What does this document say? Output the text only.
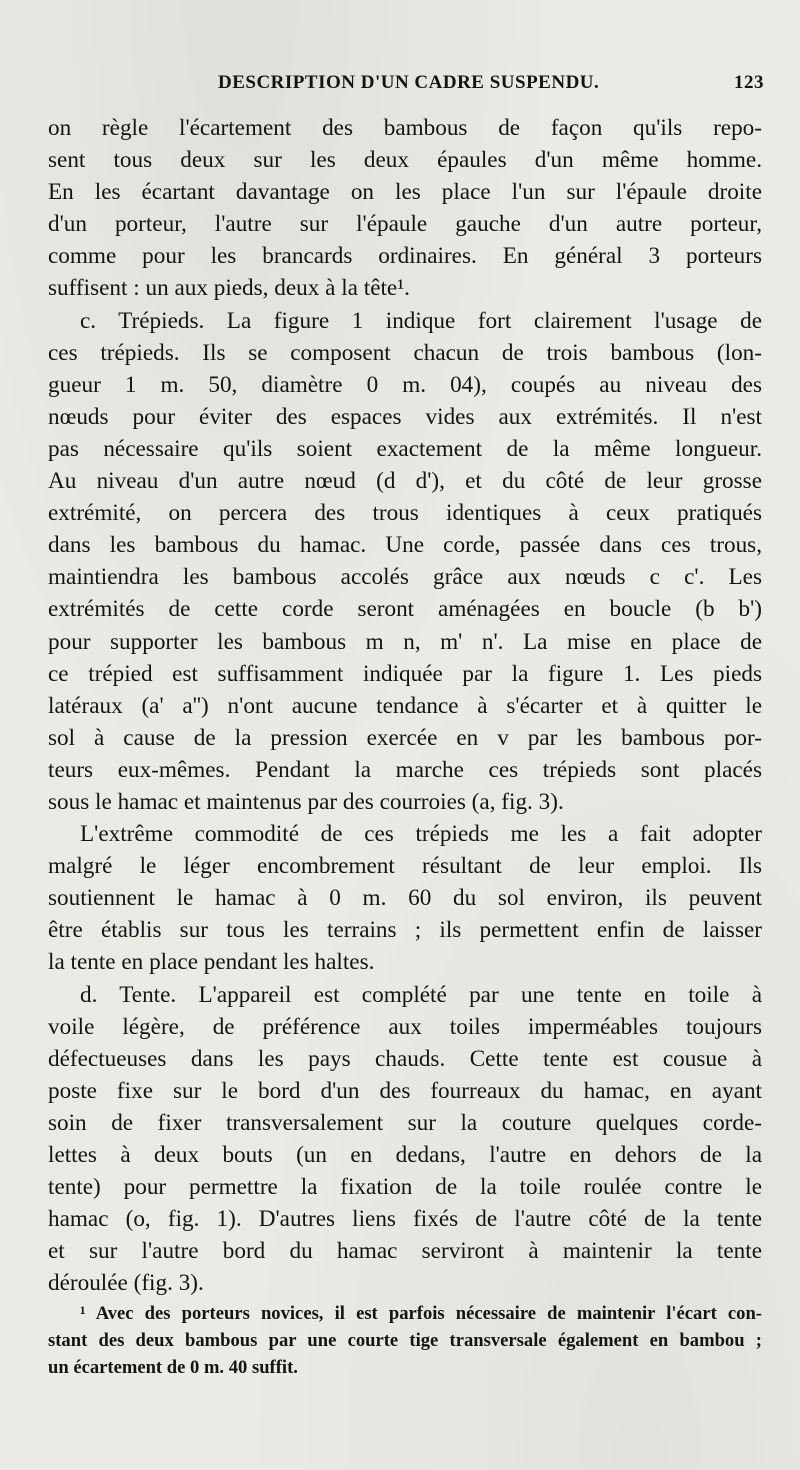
DESCRIPTION D'UN CADRE SUSPENDU.	123
on règle l'écartement des bambous de façon qu'ils repo-
sent tous deux sur les deux épaules d'un même homme.
En les écartant davantage on les place l'un sur l'épaule droite
d'un porteur, l'autre sur l'épaule gauche d'un autre porteur,
comme pour les brancards ordinaires. En général 3 porteurs
suffisent : un aux pieds, deux à la tête¹.
c. Trépieds. La figure 1 indique fort clairement l'usage de
ces trépieds. Ils se composent chacun de trois bambous (lon-
gueur 1 m. 50, diamètre 0 m. 04), coupés au niveau des
nœuds pour éviter des espaces vides aux extrémités. Il n'est
pas nécessaire qu'ils soient exactement de la même longueur.
Au niveau d'un autre nœud (d d'), et du côté de leur grosse
extrémité, on percera des trous identiques à ceux pratiqués
dans les bambous du hamac. Une corde, passée dans ces trous,
maintiendra les bambous accolés grâce aux nœuds c c'. Les
extrémités de cette corde seront aménagées en boucle (b b')
pour supporter les bambous m n, m' n'. La mise en place de
ce trépied est suffisamment indiquée par la figure 1. Les pieds
latéraux (a' a'') n'ont aucune tendance à s'écarter et à quitter le
sol à cause de la pression exercée en v par les bambous por-
teurs eux-mêmes. Pendant la marche ces trépieds sont placés
sous le hamac et maintenus par des courroies (a, fig. 3).
L'extrême commodité de ces trépieds me les a fait adopter
malgré le léger encombrement résultant de leur emploi. Ils
soutiennent le hamac à 0 m. 60 du sol environ, ils peuvent
être établis sur tous les terrains ; ils permettent enfin de laisser
la tente en place pendant les haltes.
d. Tente. L'appareil est complété par une tente en toile à
voile légère, de préférence aux toiles imperméables toujours
défectueuses dans les pays chauds. Cette tente est cousue à
poste fixe sur le bord d'un des fourreaux du hamac, en ayant
soin de fixer transversalement sur la couture quelques corde-
lettes à deux bouts (un en dedans, l'autre en dehors de la
tente) pour permettre la fixation de la toile roulée contre le
hamac (o, fig. 1). D'autres liens fixés de l'autre côté de la tente
et sur l'autre bord du hamac serviront à maintenir la tente
déroulée (fig. 3).
¹ Avec des porteurs novices, il est parfois nécessaire de maintenir l'écart con-
stant des deux bambous par une courte tige transversale également en bambou ;
un écartement de 0 m. 40 suffit.
